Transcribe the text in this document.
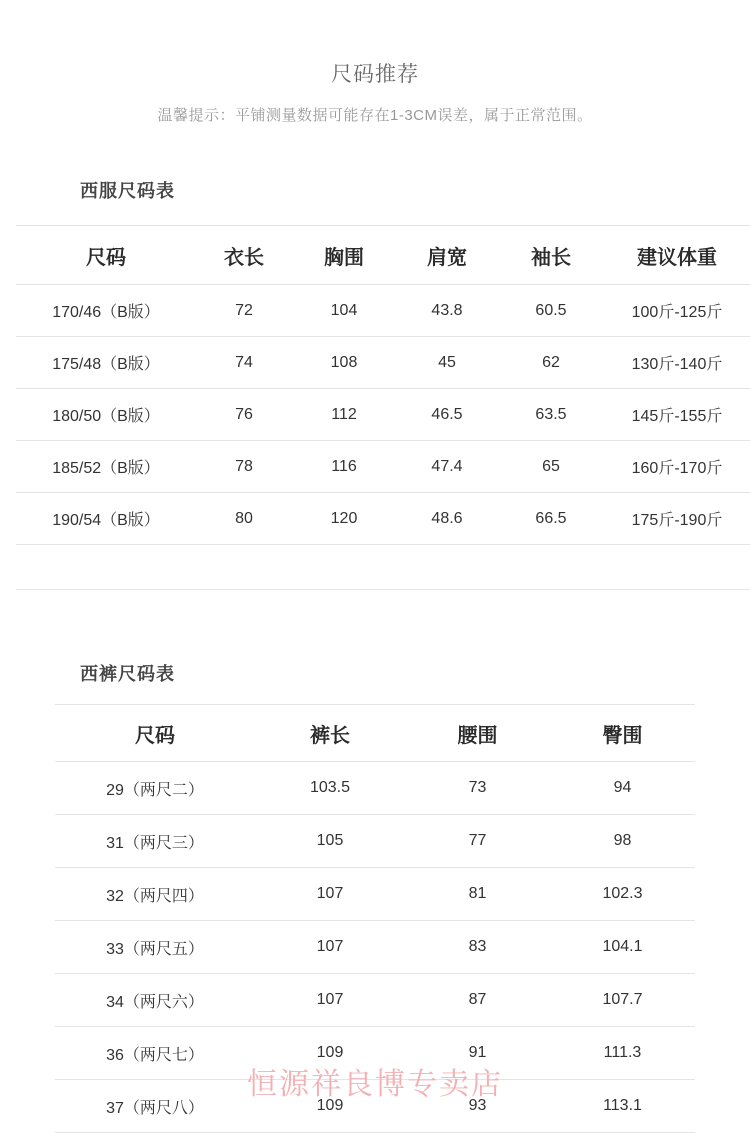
尺码推荐
温馨提示：平铺测量数据可能存在1-3CM误差，属于正常范围。
西服尺码表
尺码	衣长	胸围	肩宽	袖长	建议体重
170/46（B版）	72	104	43.8	60.5	100斤-125斤
175/48（B版）	74	108	45	62	130斤-140斤
180/50（B版）	76	112	46.5	63.5	145斤-155斤
185/52（B版）	78	116	47.4	65	160斤-170斤
190/54（B版）	80	120	48.6	66.5	175斤-190斤

西裤尺码表
尺码	裤长	腰围	臀围
29（两尺二）	103.5	73	94
31（两尺三）	105	77	98
32（两尺四）	107	81	102.3
33（两尺五）	107	83	104.1
34（两尺六）	107	87	107.7
36（两尺七）	109	91	111.3
37（两尺八）	109	93	113.1
恒源祥良博专卖店
